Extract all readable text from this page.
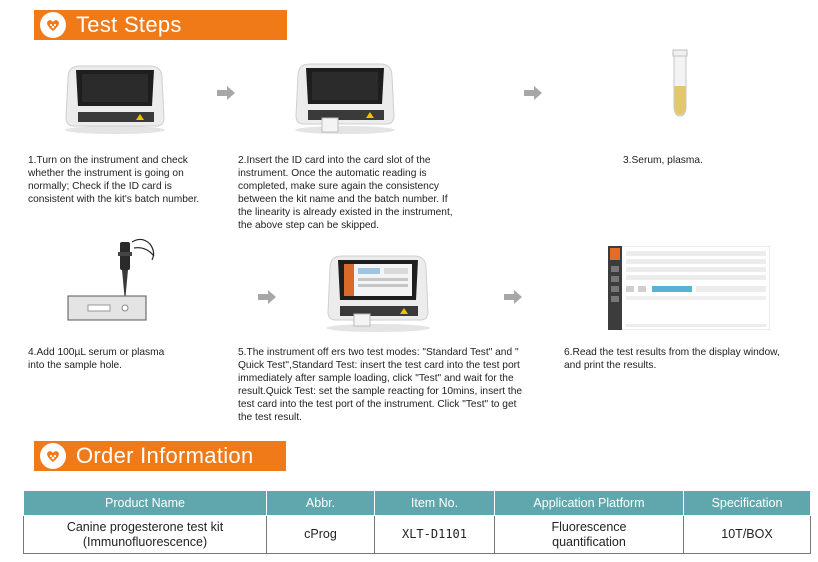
Test Steps
1.Turn on the instrument and check whether the instrument is going on normally; Check if the ID card is consistent with the kit's batch number.
2.Insert the ID card into the card slot of the instrument. Once the automatic reading is completed, make sure again the consistency between the kit name and the batch number. If the linearity is already existed in the instrument, the above step can be skipped.
3.Serum, plasma.
4.Add 100µL serum or plasma into the sample hole.
5.The instrument off ers two test modes: "Standard Test" and " Quick Test",Standard Test: insert the test card into the test port immediately after sample loading, click "Test" and wait for the result.Quick Test: set the sample reacting for 10mins, insert the test card into the test port of the instrument. Click "Test" to get the test result.
6.Read the test results from the display window, and print the results.
Order Information
Product Name	Abbr.	Item No.	Application Platform	Specification
Canine progesterone test kit (Immunofluorescence)	cProg	XLT-D1101	Fluorescence quantification	10T/BOX
